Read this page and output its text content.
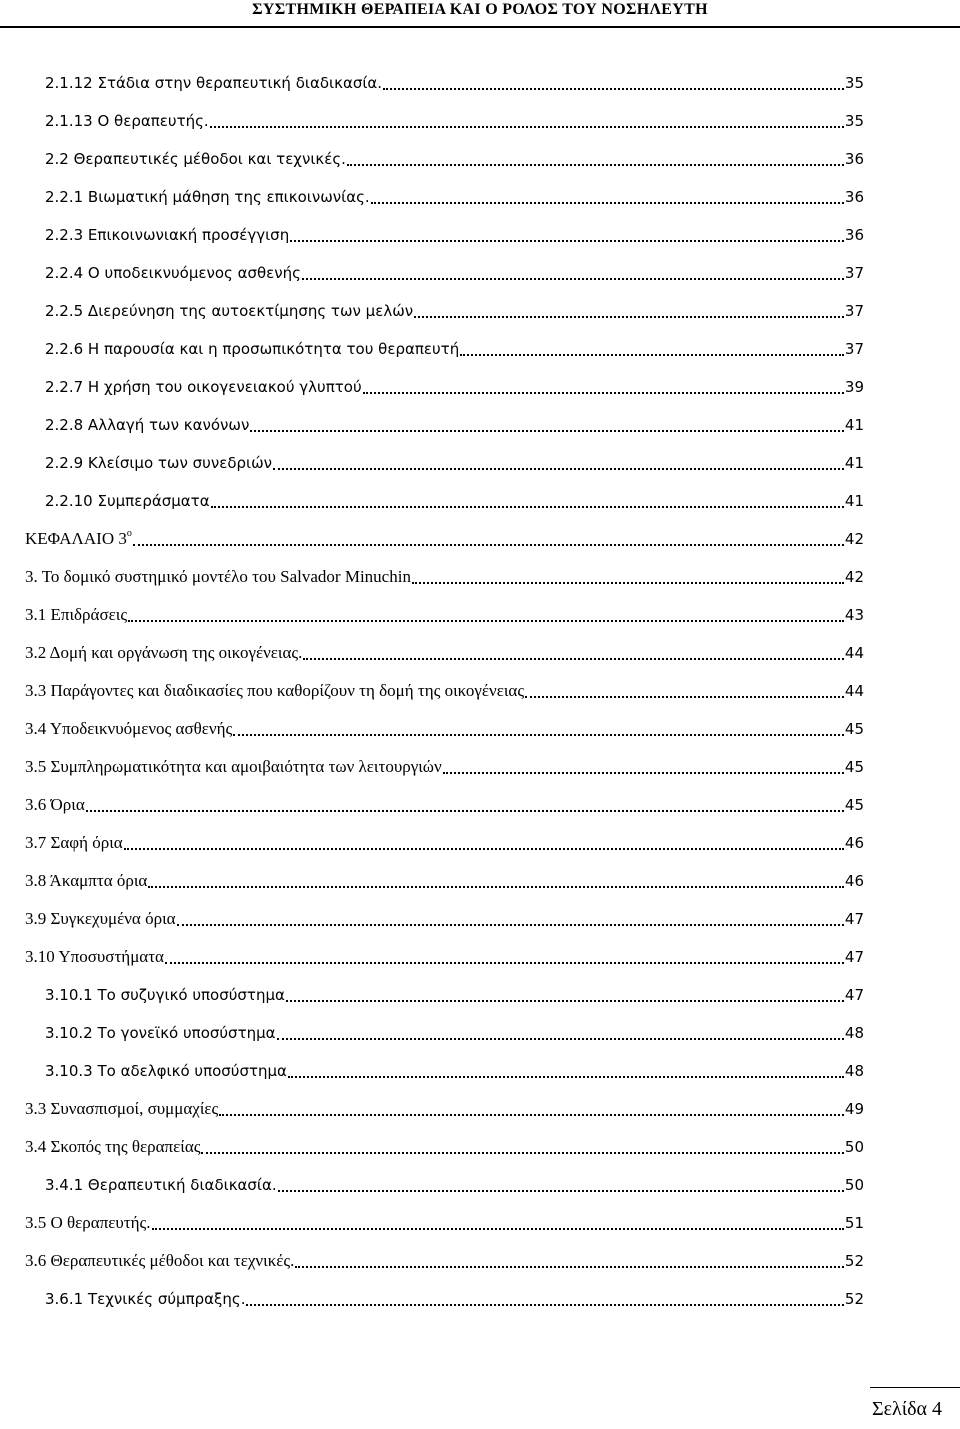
ΣΥΣΤΗΜΙΚΗ ΘΕΡΑΠΕΙΑ ΚΑΙ Ο ΡΟΛΟΣ ΤΟΥ ΝΟΣΗΛΕΥΤΗ
2.1.12 Στάδια στην θεραπευτική διαδικασία.	35
2.1.13 Ο θεραπευτής.	35
2.2 Θεραπευτικές μέθοδοι και τεχνικές.	36
2.2.1 Βιωματική μάθηση της επικοινωνίας.	36
2.2.3 Επικοινωνιακή προσέγγιση	36
2.2.4 Ο υποδεικνυόμενος ασθενής	37
2.2.5 Διερεύνηση της αυτοεκτίμησης των μελών	37
2.2.6 Η παρουσία και η προσωπικότητα του θεραπευτή	37
2.2.7 Η χρήση του οικογενειακού γλυπτού	39
2.2.8 Αλλαγή των κανόνων	41
2.2.9 Κλείσιμο των συνεδριών	41
2.2.10 Συμπεράσματα	41
ΚΕΦΑΛΑΙΟ $3^o$	42
3. Το δομικό συστημικό μοντέλο του Salvador Minuchin	42
3.1 Επιδράσεις	43
3.2 Δομή και οργάνωση της οικογένειας.	44
3.3 Παράγοντες και διαδικασίες που καθορίζουν τη δομή της οικογένειας	44
3.4 Υποδεικνυόμενος ασθενής	45
3.5 Συμπληρωματικότητα και αμοιβαιότητα των λειτουργιών	45
3.6 Όρια	45
3.7 Σαφή όρια	46
3.8 Άκαμπτα όρια	46
3.9 Συγκεχυμένα όρια	47
3.10 Υποσυστήματα	47
3.10.1 Το συζυγικό υποσύστημα	47
3.10.2 Το γονεϊκό υποσύστημα	48
3.10.3 Το αδελφικό υποσύστημα	48
3.3 Συνασπισμοί, συμμαχίες	49
3.4 Σκοπός της θεραπείας	50
3.4.1 Θεραπευτική διαδικασία.	50
3.5 Ο θεραπευτής.	51
3.6 Θεραπευτικές μέθοδοι και τεχνικές.	52
3.6.1 Τεχνικές σύμπραξης.	52
Σελίδα 4
